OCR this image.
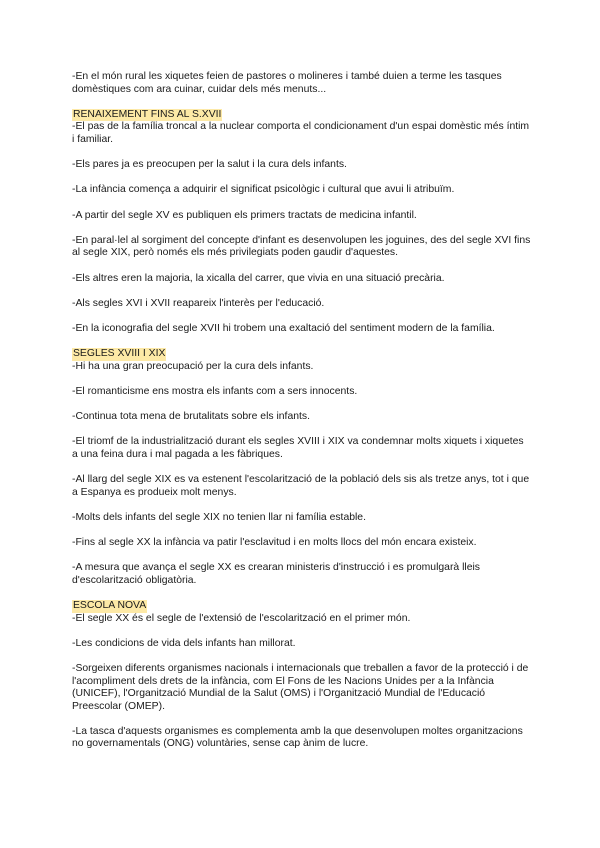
-En el món rural les xiquetes feien de pastores o molineres i també duien a terme les tasques domèstiques com ara cuinar, cuidar dels més menuts...

RENAIXEMENT FINS AL S.XVII

-El pas de la família troncal a la nuclear comporta el condicionament d'un espai domèstic més íntim i familiar.

-Els pares ja es preocupen per la salut i la cura dels infants.

-La infància comença a adquirir el significat psicològic i cultural que avui li atribuïm.

-A partir del segle XV es publiquen els primers tractats de medicina infantil.

-En paral·lel al sorgiment del concepte d'infant es desenvolupen les joguines, des del segle XVI fins al segle XIX, però només els més privilegiats poden gaudir d'aquestes.

-Els altres eren la majoria, la xicalla del carrer, que vivia en una situació precària.

-Als segles XVI i XVII reapareix l'interès per l'educació.

-En la iconografia del segle XVII hi trobem una exaltació del sentiment modern de la família.

SEGLES XVIII I XIX

-Hi ha una gran preocupació per la cura dels infants.

-El romanticisme ens mostra els infants com a sers innocents.

-Continua tota mena de brutalitats sobre els infants.

-El triomf de la industrialització durant els segles XVIII i XIX va condemnar molts xiquets i xiquetes a una feina dura i mal pagada a les fàbriques.

-Al llarg del segle XIX es va estenent l'escolarització de la població dels sis als tretze anys, tot i que a Espanya es produeix molt menys.

-Molts dels infants del segle XIX no tenien llar ni família estable.

-Fins al segle XX la infància va patir l'esclavitud i en molts llocs del món encara existeix.

-A mesura que avança el segle XX es crearan ministeris d'instrucció i es promulgarà lleis d'escolarització obligatòria.

ESCOLA NOVA

-El segle XX és el segle de l'extensió de l'escolarització en el primer món.

-Les condicions de vida dels infants han millorat.

-Sorgeixen diferents organismes nacionals i internacionals que treballen a favor de la protecció i de l'acompliment dels drets de la infància, com El Fons de les Nacions Unides per a la Infància (UNICEF), l'Organització Mundial de la Salut (OMS) i l'Organització Mundial de l'Educació Preescolar (OMEP).

-La tasca d'aquests organismes es complementa amb la que desenvolupen moltes organitzacions no governamentals (ONG) voluntàries, sense cap ànim de lucre.
